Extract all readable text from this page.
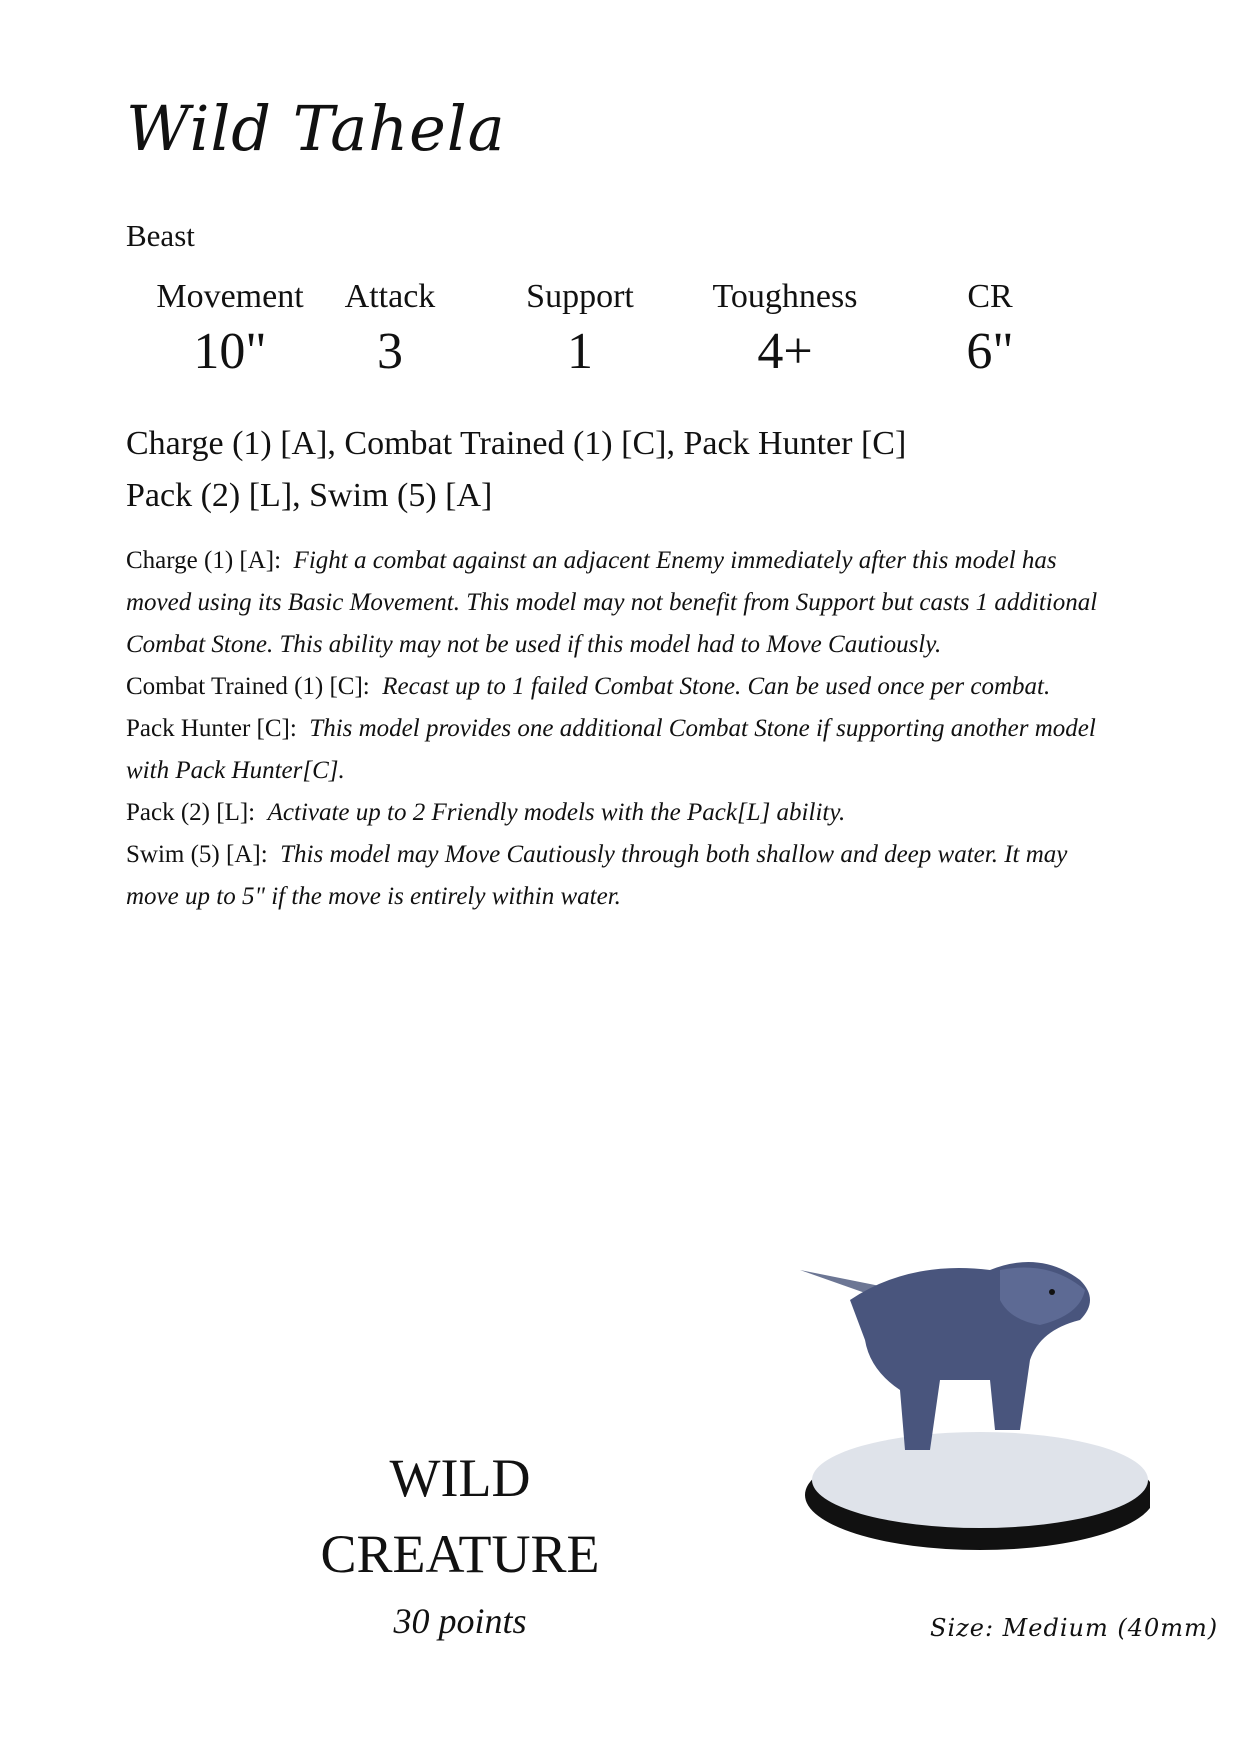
Wild Tahela
Beast
Movement
10"
Attack
3
Support
1
Toughness
4+
CR
6"
Charge (1) [A], Combat Trained (1) [C], Pack Hunter [C]
Pack (2) [L], Swim (5) [A]

Charge (1) [A]: Fight a combat against an adjacent Enemy immediately after this model has moved using its Basic Movement. This model may not benefit from Support but casts 1 additional Combat Stone. This ability may not be used if this model had to Move Cautiously.

Combat Trained (1) [C]: Recast up to 1 failed Combat Stone. Can be used once per combat.

Pack Hunter [C]: This model provides one additional Combat Stone if supporting another model with Pack Hunter[C].

Pack (2) [L]: Activate up to 2 Friendly models with the Pack[L] ability.

Swim (5) [A]: This model may Move Cautiously through both shallow and deep water. It may move up to 5" if the move is entirely within water.

WILD
CREATURE
30 points	Size: Medium (40mm)
